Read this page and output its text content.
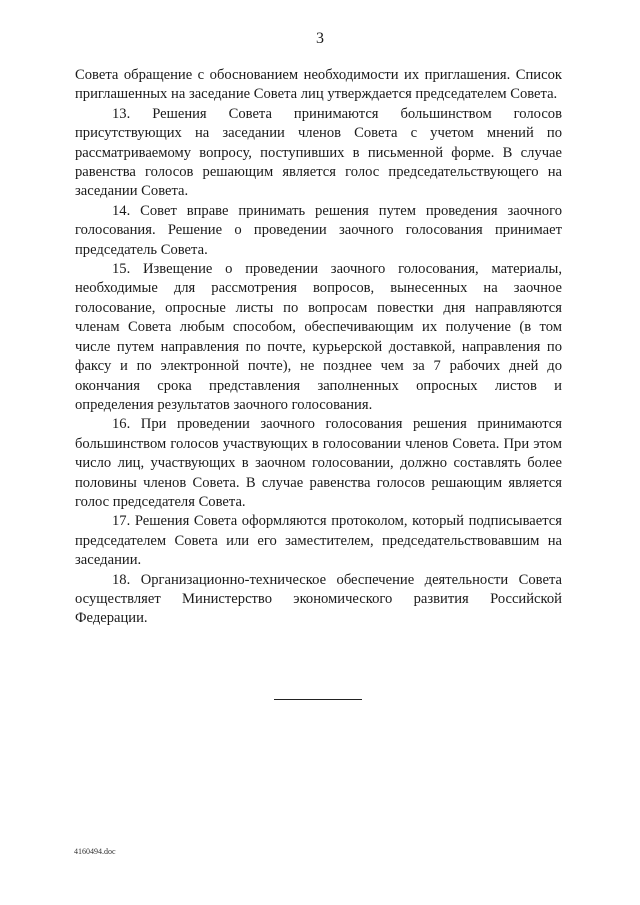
3

Совета обращение с обоснованием необходимости их приглашения. Список приглашенных на заседание Совета лиц утверждается председателем Совета.

13. Решения Совета принимаются большинством голосов присутствующих на заседании членов Совета с учетом мнений по рассматриваемому вопросу, поступивших в письменной форме. В случае равенства голосов решающим является голос председательствующего на заседании Совета.

14. Совет вправе принимать решения путем проведения заочного голосования. Решение о проведении заочного голосования принимает председатель Совета.

15. Извещение о проведении заочного голосования, материалы, необходимые для рассмотрения вопросов, вынесенных на заочное голосование, опросные листы по вопросам повестки дня направляются членам Совета любым способом, обеспечивающим их получение (в том числе путем направления по почте, курьерской доставкой, направления по факсу и по электронной почте), не позднее чем за 7 рабочих дней до окончания срока представления заполненных опросных листов и определения результатов заочного голосования.

16. При проведении заочного голосования решения принимаются большинством голосов участвующих в голосовании членов Совета. При этом число лиц, участвующих в заочном голосовании, должно составлять более половины членов Совета. В случае равенства голосов решающим является голос председателя Совета.

17. Решения Совета оформляются протоколом, который подписывается председателем Совета или его заместителем, председательствовавшим на заседании.

18. Организационно-техническое обеспечение деятельности Совета осуществляет Министерство экономического развития Российской Федерации.

4160494.doc
